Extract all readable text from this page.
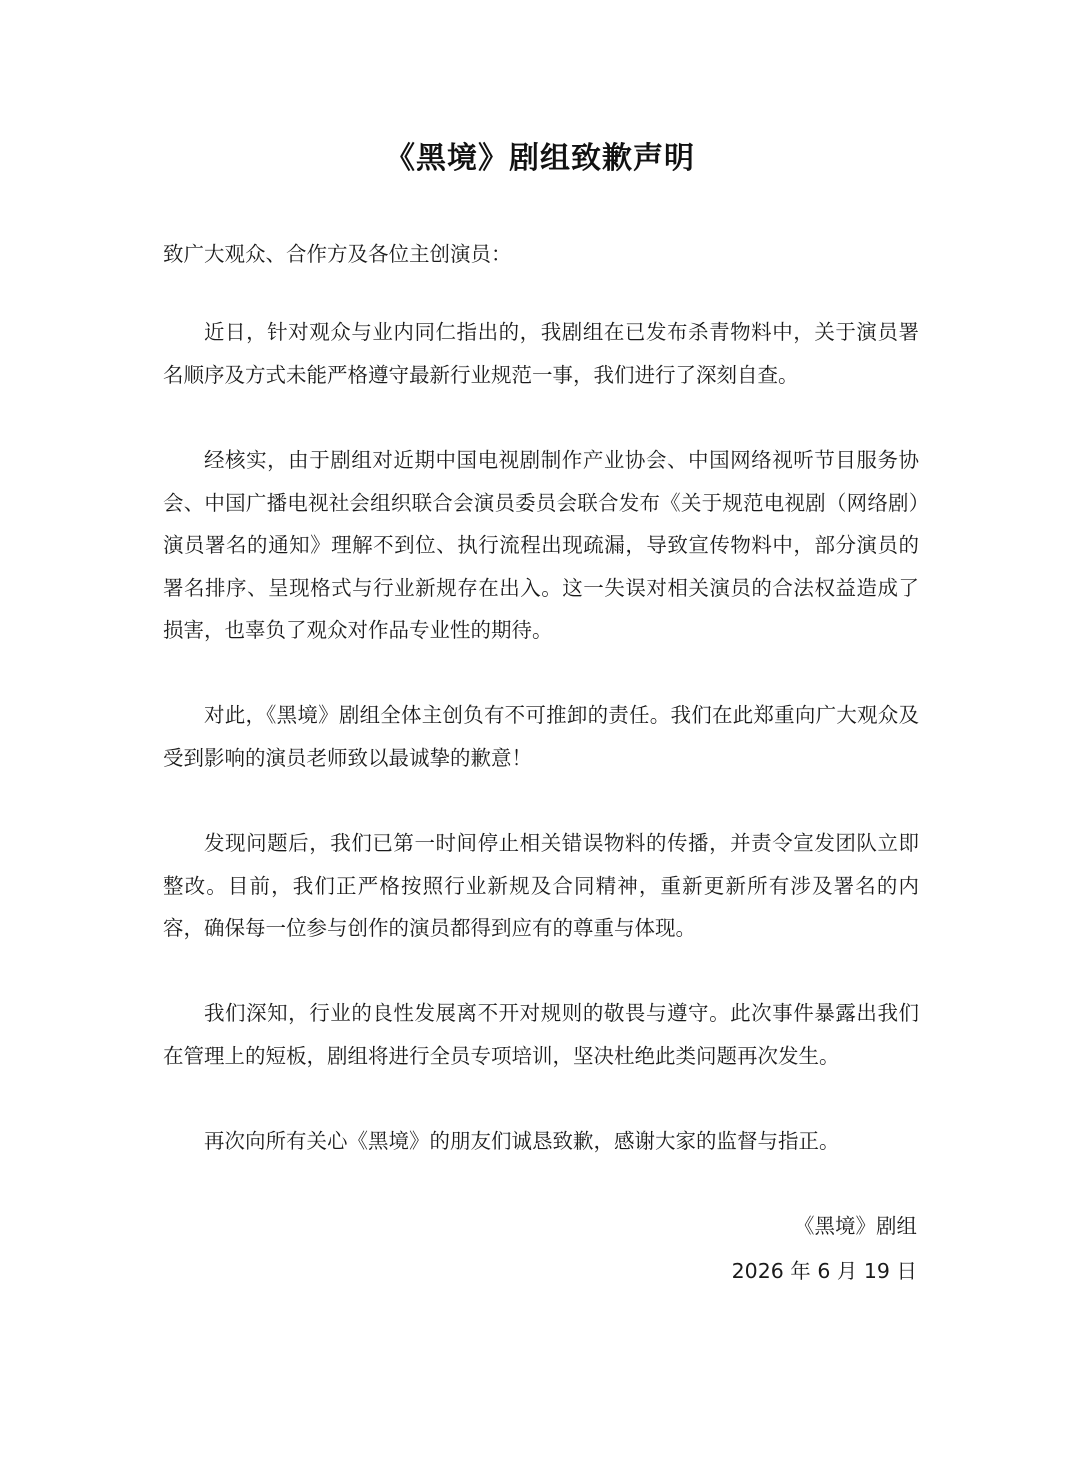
《黑境》剧组致歉声明
致广大观众、合作方及各位主创演员：

近日，针对观众与业内同仁指出的，我剧组在已发布杀青物料中，关于演员署名顺序及方式未能严格遵守最新行业规范一事，我们进行了深刻自查。

经核实，由于剧组对近期中国电视剧制作产业协会、中国网络视听节目服务协会、中国广播电视社会组织联合会演员委员会联合发布《关于规范电视剧（网络剧）演员署名的通知》理解不到位、执行流程出现疏漏，导致宣传物料中，部分演员的署名排序、呈现格式与行业新规存在出入。这一失误对相关演员的合法权益造成了损害，也辜负了观众对作品专业性的期待。

对此，《黑境》剧组全体主创负有不可推卸的责任。我们在此郑重向广大观众及受到影响的演员老师致以最诚挚的歉意！

发现问题后，我们已第一时间停止相关错误物料的传播，并责令宣发团队立即整改。目前，我们正严格按照行业新规及合同精神，重新更新所有涉及署名的内容，确保每一位参与创作的演员都得到应有的尊重与体现。

我们深知，行业的良性发展离不开对规则的敬畏与遵守。此次事件暴露出我们在管理上的短板，剧组将进行全员专项培训，坚决杜绝此类问题再次发生。

再次向所有关心《黑境》的朋友们诚恳致歉，感谢大家的监督与指正。

《黑境》剧组
2026 年 6 月 19 日
